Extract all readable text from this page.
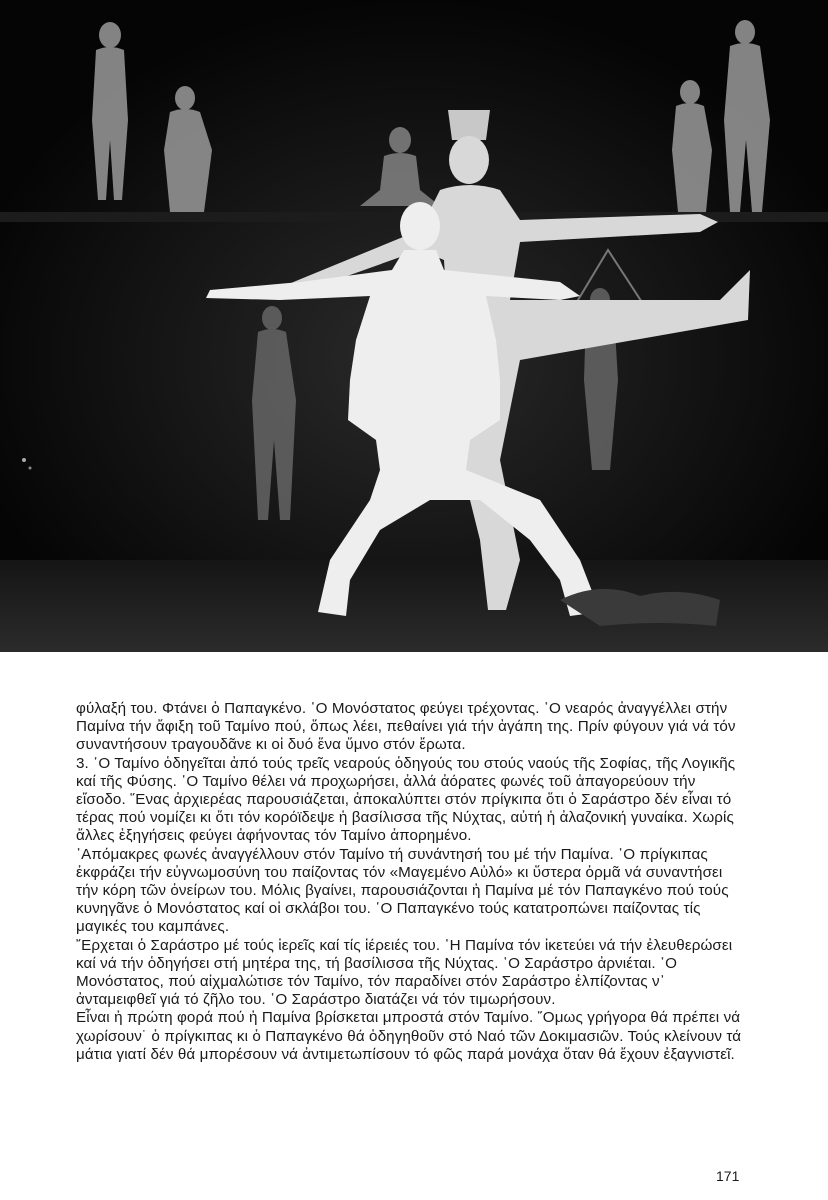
φύλαξή του. Φτάνει ὁ Παπαγκένο. ῾Ο Μονόστατος φεύγει τρέχοντας. ῾Ο νεαρός ἀναγγέλλει στήν Παμίνα τήν ἄφιξη τοῦ Ταμίνο πού, ὅπως λέει, πεθαίνει γιά τήν ἀγάπη της. Πρίν φύγουν γιά νά τόν συναντήσουν τραγουδᾶνε κι οἱ δυό ἕνα ὕμνο στόν ἔρωτα.

3. ῾Ο Ταμίνο ὁδηγεῖται ἀπό τούς τρεῖς νεαρούς ὁδηγούς του στούς ναούς τῆς Σοφίας, τῆς Λογικῆς καί τῆς Φύσης. ῾Ο Ταμίνο θέλει νά προχωρήσει, ἀλλά ἀόρατες φωνές τοῦ ἀπαγορεύουν τήν εἴσοδο. ῞Ενας ἀρχιερέας παρουσιάζεται, ἀποκαλύπτει στόν πρίγκιπα ὅτι ὁ Σαράστρο δέν εἶναι τό τέρας πού νομίζει κι ὅτι τόν κορόϊδεψε ἡ βασίλισσα τῆς Νύχτας, αὐτή ἡ ἀλαζονική γυναίκα. Χωρίς ἄλλες ἐξηγήσεις φεύγει ἀφήνοντας τόν Ταμίνο ἀπορημένο.

᾿Απόμακρες φωνές ἀναγγέλλουν στόν Ταμίνο τή συνάντησή του μέ τήν Παμίνα. ῾Ο πρίγκιπας ἐκφράζει τήν εὐγνωμοσύνη του παίζοντας τόν «Μαγεμένο Αὐλό» κι ὕστερα ὁρμᾶ νά συναντήσει τήν κόρη τῶν ὀνείρων του. Μόλις βγαίνει, παρουσιάζονται ἡ Παμίνα μέ τόν Παπαγκένο πού τούς κυνηγᾶνε ὁ Μονόστατος καί οἱ σκλάβοι του. ῾Ο Παπαγκένο τούς κατατροπώνει παίζοντας τίς μαγικές του καμπάνες.

῎Ερχεται ὁ Σαράστρο μέ τούς ἱερεῖς καί τίς ἱέρειές του. ῾Η Παμίνα τόν ἱκετεύει νά τήν ἐλευθερώσει καί νά τήν ὁδηγήσει στή μητέρα της, τή βασίλισσα τῆς Νύχτας. ῾Ο Σαράστρο ἀρνιέται. ῾Ο Μονόστατος, πού αἰχμαλώτισε τόν Ταμίνο, τόν παραδίνει στόν Σαράστρο ἐλπίζοντας ν᾿ ἀνταμειφθεῖ γιά τό ζῆλο του. ῾Ο Σαράστρο διατάζει νά τόν τιμωρήσουν.

Εἶναι ἡ πρώτη φορά πού ἡ Παμίνα βρίσκεται μπροστά στόν Ταμίνο. ῞Ομως γρήγορα θά πρέπει νά χωρίσουν˙ ὁ πρίγκιπας κι ὁ Παπαγκένο θά ὁδηγηθοῦν στό Ναό τῶν Δοκιμασιῶν. Τούς κλείνουν τά μάτια γιατί δέν θά μπορέσουν νά ἀντιμετωπίσουν τό φῶς παρά μονάχα ὅταν θά ἔχουν ἐξαγνιστεῖ.

171
